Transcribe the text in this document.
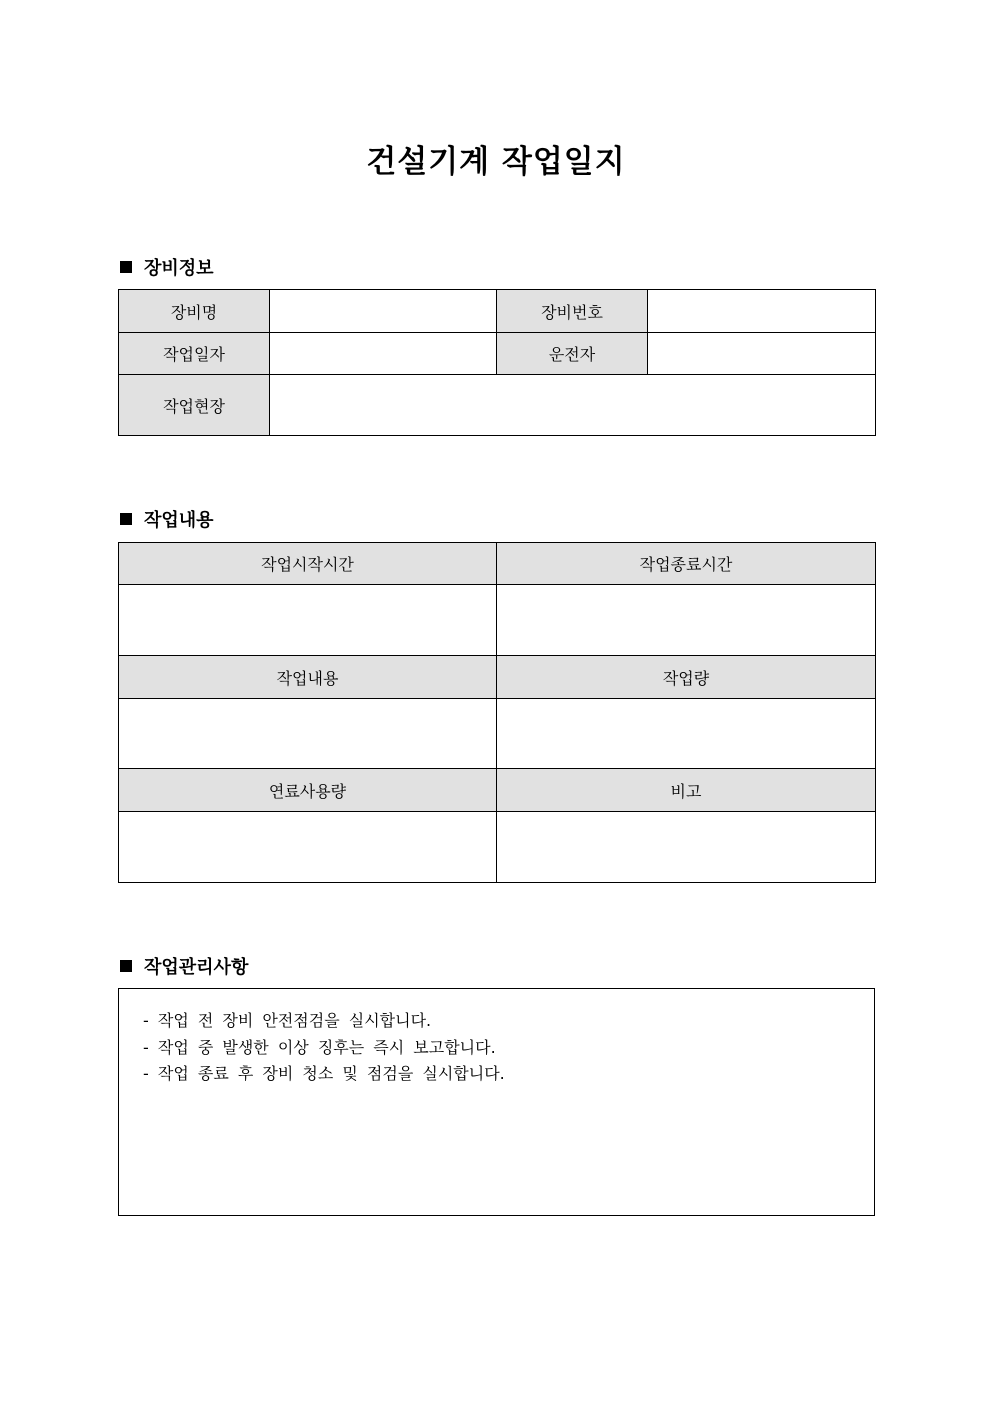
건설기계 작업일지
장비정보
장비명		장비번호	
작업일자		운전자	
작업현장			
작업내용
작업시작시간	작업종료시간

작업내용	작업량

연료사용량	비고

작업관리사항
- 작업 전 장비 안전점검을 실시합니다.
- 작업 중 발생한 이상 징후는 즉시 보고합니다.
- 작업 종료 후 장비 청소 및 점검을 실시합니다.
